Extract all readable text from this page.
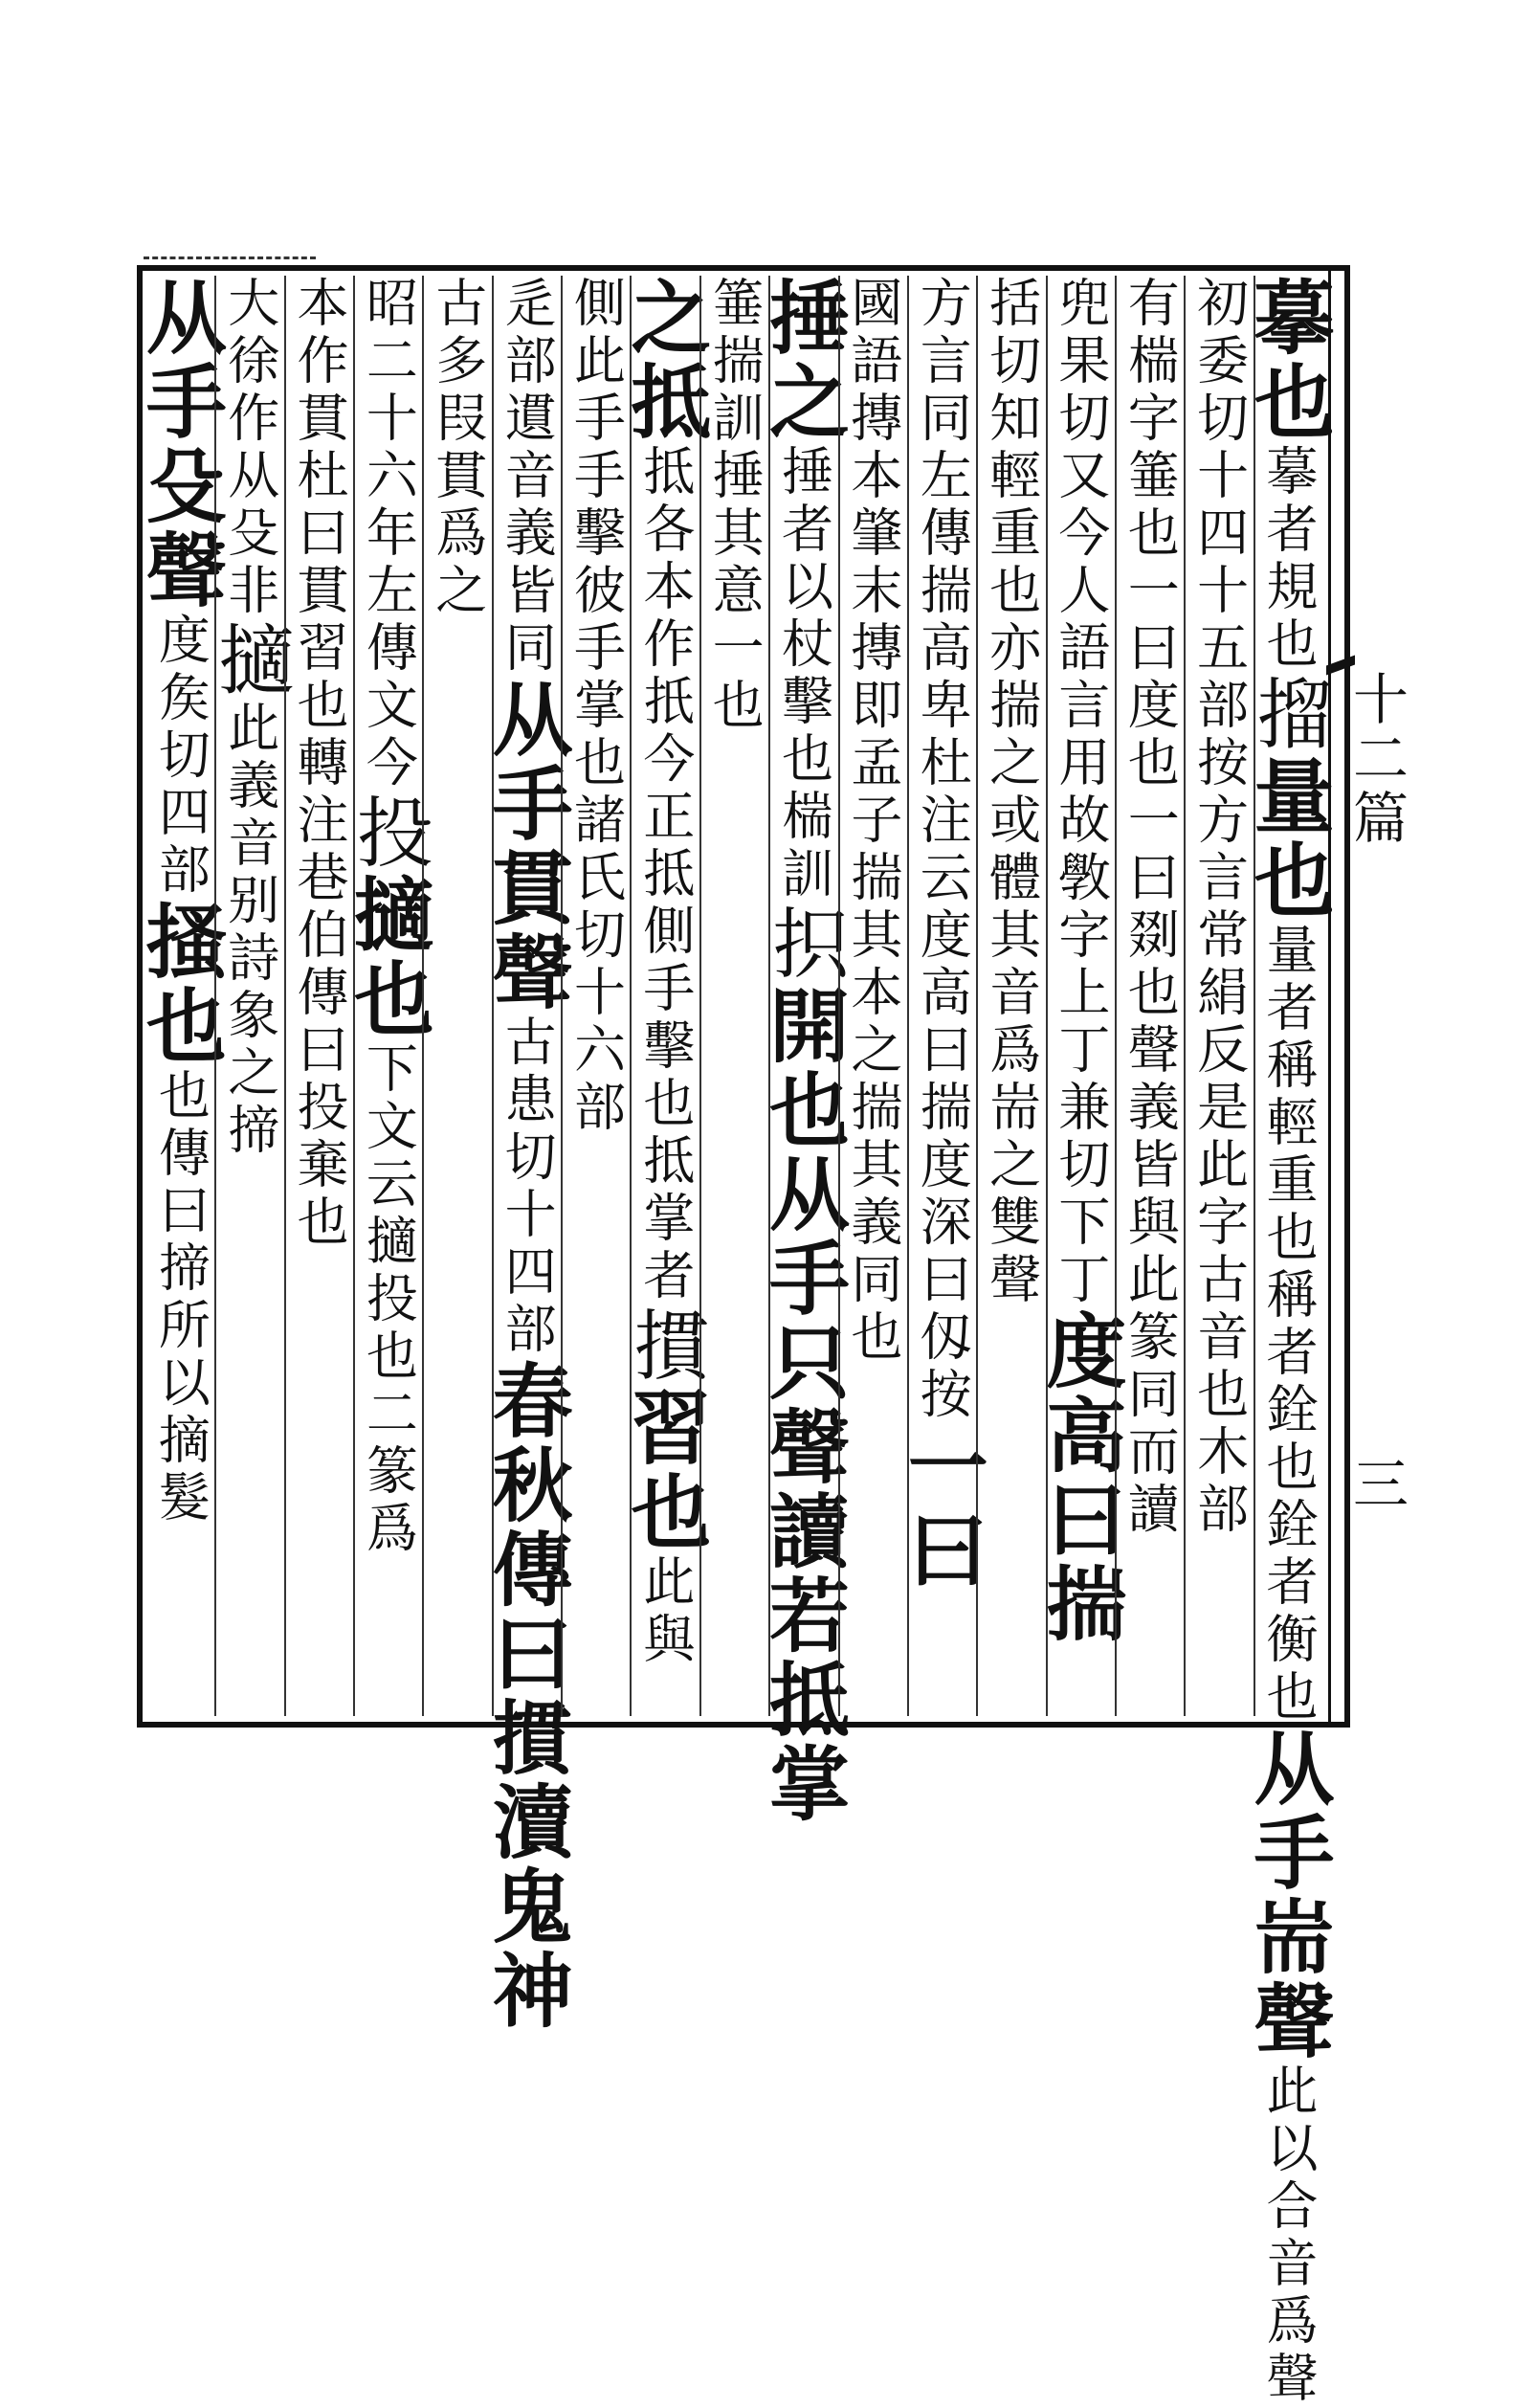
十二篇
三
摹也摹者規也㨨量也量者稱輕重也稱者銓也銓者衡也从手耑聲此以合音爲聲
初委切十四十五部按方言常絹反是此字古音也木部
有椯字箠也一曰度也一曰剟也聲義皆與此篆同而讀
兜果切又今人語言用故斆字上丁兼切下丁度高曰揣
括切知輕重也亦揣之或體其音爲耑之雙聲
方言同左傳揣高卑杜注云度高曰揣度深曰仭按一曰
國語摶本肇末摶即孟子揣其本之揣其義同也
捶之捶者以杖擊也椯訓抧開也从手只聲讀若抵掌
箠揣訓捶其意一也
之抵抵各本作扺今正抵側手擊也抵掌者摜習也此與
側此手手擊彼手掌也諸氏切十六部
辵部遦音義皆同从手貫聲古患切十四部春秋傳曰摜瀆鬼神
古多叚貫爲之
昭二十六年左傳文今投擿也下文云擿投也二篆爲
本作貫杜曰貫習也轉注巷伯傳曰投棄也
大徐作从殳非擿此義音别詩象之揥
从手殳聲度矦切四部搔也也傳曰揥所以摘髮
